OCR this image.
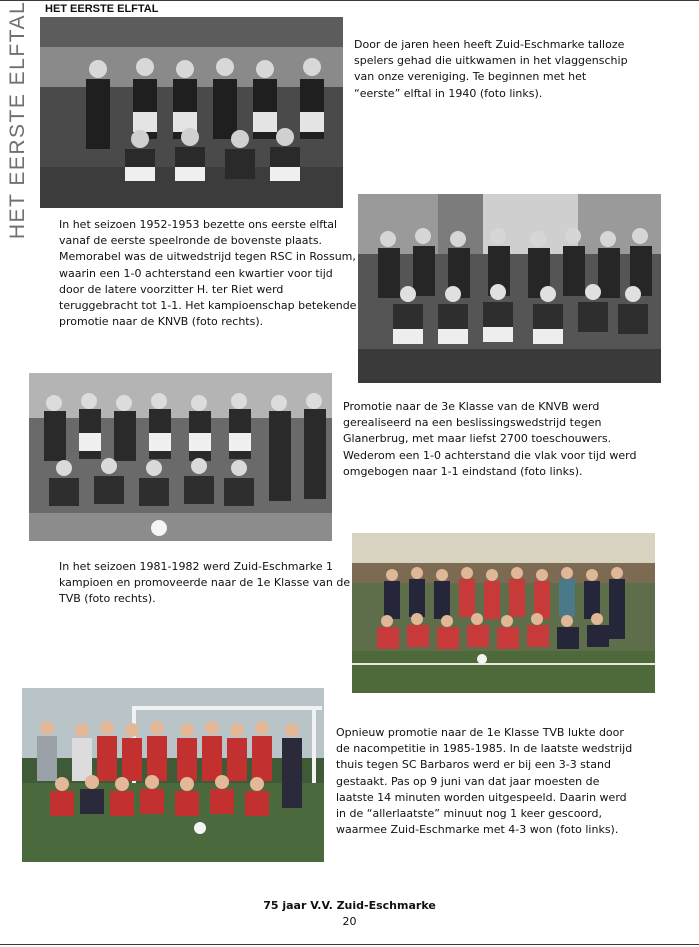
HET EERSTE ELFTAL HET EERSTE ELFTAL
Door de jaren heen heeft Zuid-Eschmarke talloze
spelers gehad die uitkwamen in het vlaggenschip
van onze vereniging. Te beginnen met het
“eerste” elftal in 1940 (foto links).
In het seizoen 1952-1953 bezette ons eerste elftal
vanaf de eerste speelronde de bovenste plaats.
Memorabel was de uitwedstrijd tegen RSC in Rossum,
waarin een 1-0 achterstand een kwartier voor tijd
door de latere voorzitter H. ter Riet werd
teruggebracht tot 1-1. Het kampioenschap betekende
promotie naar de KNVB (foto rechts).
Promotie naar de 3e Klasse van de KNVB werd
gerealiseerd na een beslissingswedstrijd tegen
Glanerbrug, met maar liefst 2700 toeschouwers.
Wederom een 1-0 achterstand die vlak voor tijd werd
omgebogen naar 1-1 eindstand (foto links).
In het seizoen 1981-1982 werd Zuid-Eschmarke 1
kampioen en promoveerde naar de 1e Klasse van de
TVB (foto rechts).
Opnieuw promotie naar de 1e Klasse TVB lukte door
de nacompetitie in 1985-1985. In de laatste wedstrijd
thuis tegen SC Barbaros werd er bij een 3-3 stand
gestaakt. Pas op 9 juni van dat jaar moesten de
laatste 14 minuten worden uitgespeeld. Daarin werd
in de “allerlaatste” minuut nog 1 keer gescoord,
waarmee Zuid-Eschmarke met 4-3 won (foto links).
75 jaar V.V. Zuid-Eschmarke
20
